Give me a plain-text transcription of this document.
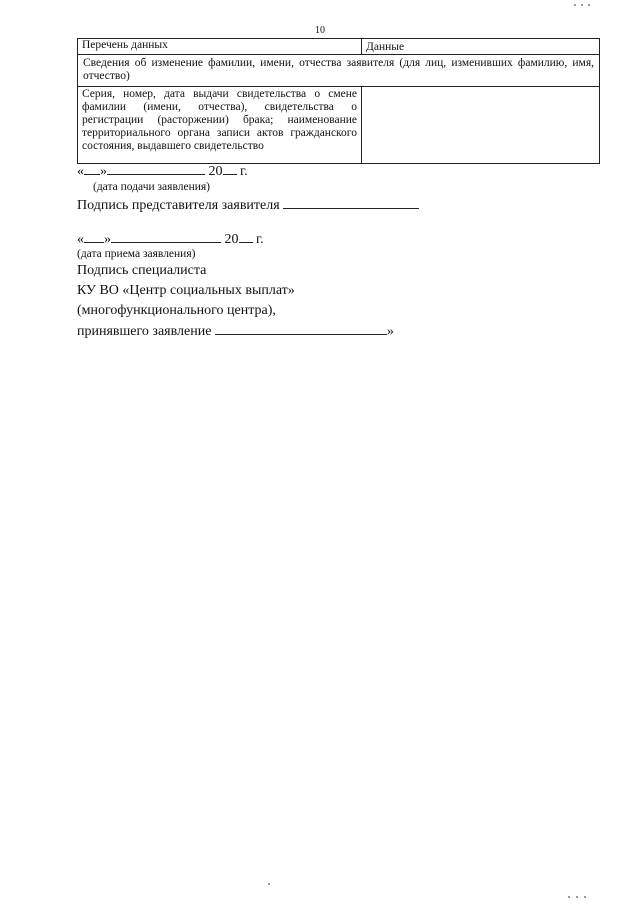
10
Перечень данных	Данные
Сведения об изменение фамилии, имени, отчества заявителя (для лиц, изменивших фамилию, имя, отчество)	
Серия, номер, дата выдачи свидетельства о смене фамилии (имени, отчества), свидетельства о регистрации (расторжении) брака; наименование территориального органа записи актов гражданского состояния, выдавшего свидетельство	
« »	20 г.
(дата подачи заявления)
Подпись представителя заявителя
« »	20 г.
(дата приема заявления)
Подпись специалиста
КУ ВО «Центр социальных выплат»
(многофункционального центра),
принявшего заявление	»
